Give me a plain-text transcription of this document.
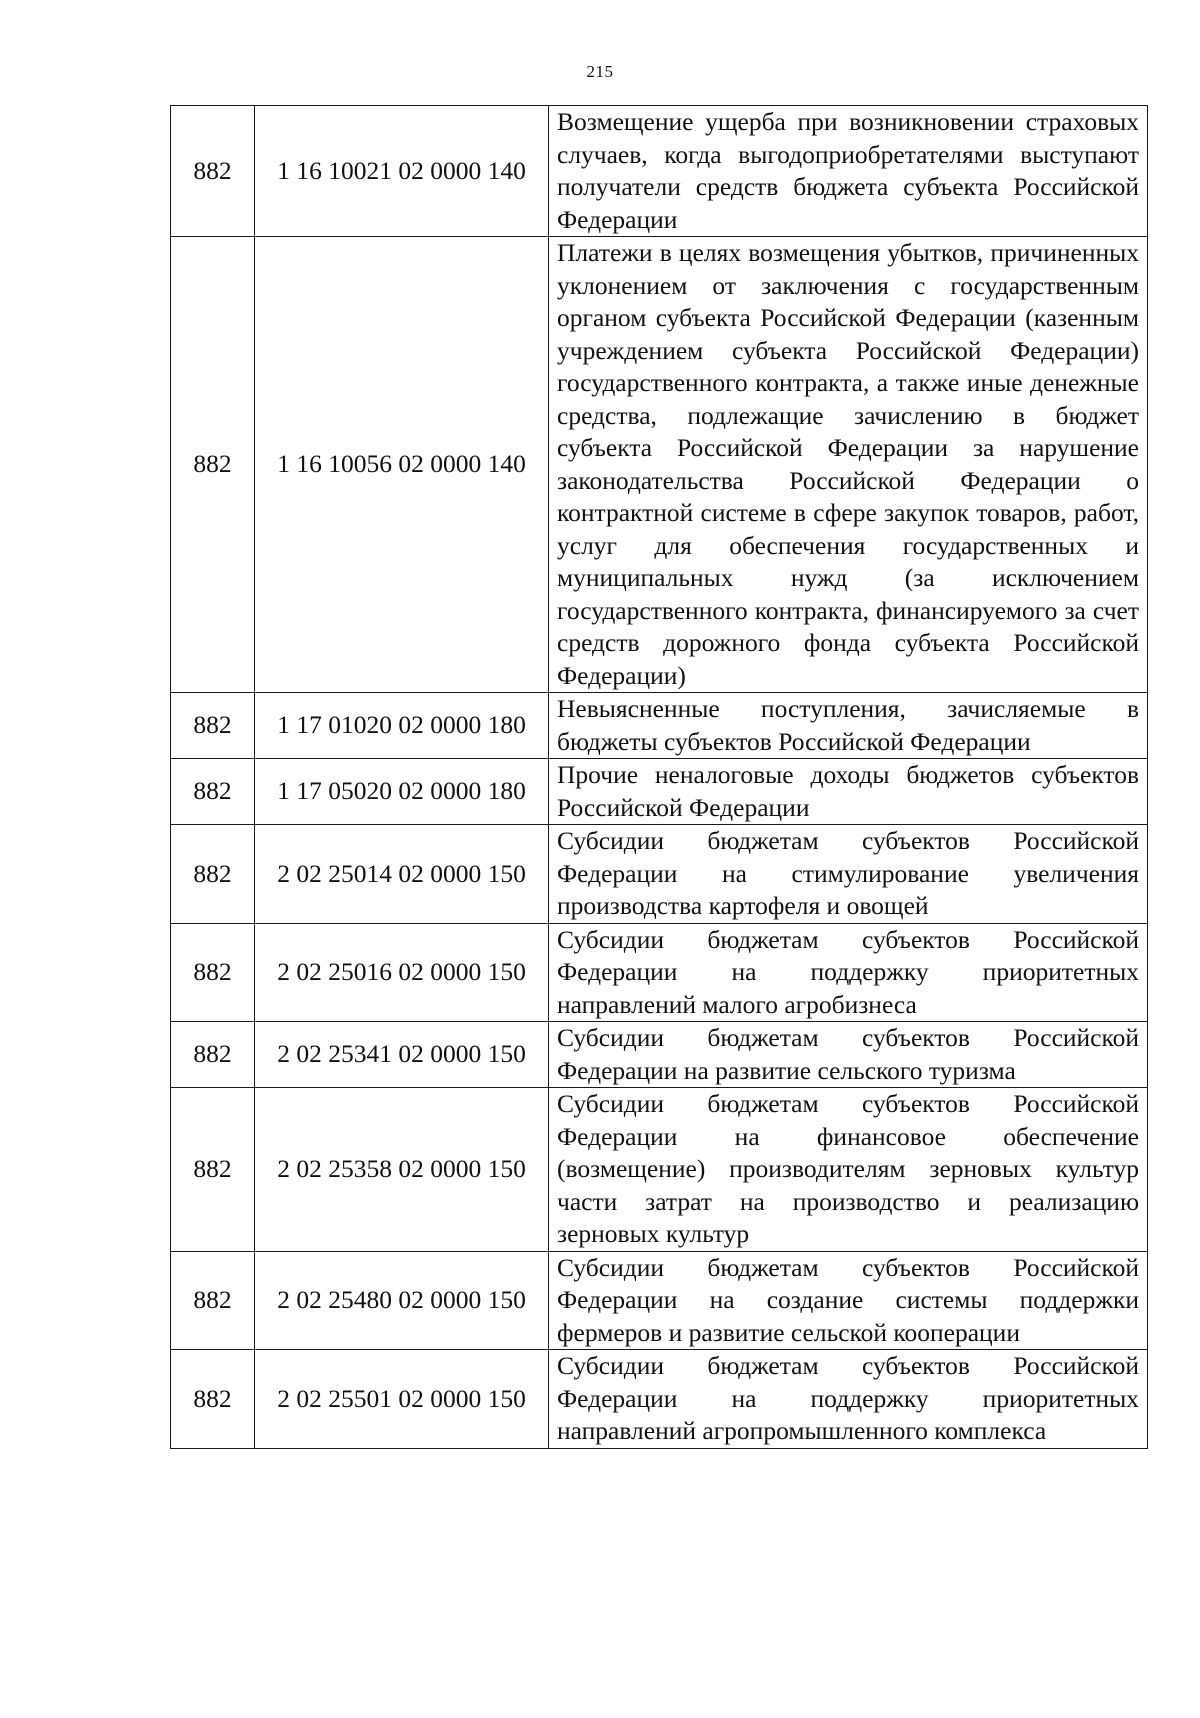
215
882	1 16 10021 02 0000 140	Возмещение ущерба при возникновении страховых случаев, когда выгодоприобретателями выступают получатели средств бюджета субъекта Российской Федерации
882	1 16 10056 02 0000 140	Платежи в целях возмещения убытков, причиненных уклонением от заключения с государственным органом субъекта Российской Федерации (казенным учреждением субъекта Российской Федерации) государственного контракта, а также иные денежные средства, подлежащие зачислению в бюджет субъекта Российской Федерации за нарушение законодательства Российской Федерации о контрактной системе в сфере закупок товаров, работ, услуг для обеспечения государственных и муниципальных нужд (за исключением государственного контракта, финансируемого за счет средств дорожного фонда субъекта Российской Федерации)
882	1 17 01020 02 0000 180	Невыясненные поступления, зачисляемые в бюджеты субъектов Российской Федерации
882	1 17 05020 02 0000 180	Прочие неналоговые доходы бюджетов субъектов Российской Федерации
882	2 02 25014 02 0000 150	Субсидии бюджетам субъектов Российской Федерации на стимулирование увеличения производства картофеля и овощей
882	2 02 25016 02 0000 150	Субсидии бюджетам субъектов Российской Федерации на поддержку приоритетных направлений малого агробизнеса
882	2 02 25341 02 0000 150	Субсидии бюджетам субъектов Российской Федерации на развитие сельского туризма
882	2 02 25358 02 0000 150	Субсидии бюджетам субъектов Российской Федерации на финансовое обеспечение (возмещение) производителям зерновых культур части затрат на производство и реализацию зерновых культур
882	2 02 25480 02 0000 150	Субсидии бюджетам субъектов Российской Федерации на создание системы поддержки фермеров и развитие сельской кооперации
882	2 02 25501 02 0000 150	Субсидии бюджетам субъектов Российской Федерации на поддержку приоритетных направлений агропромышленного комплекса
